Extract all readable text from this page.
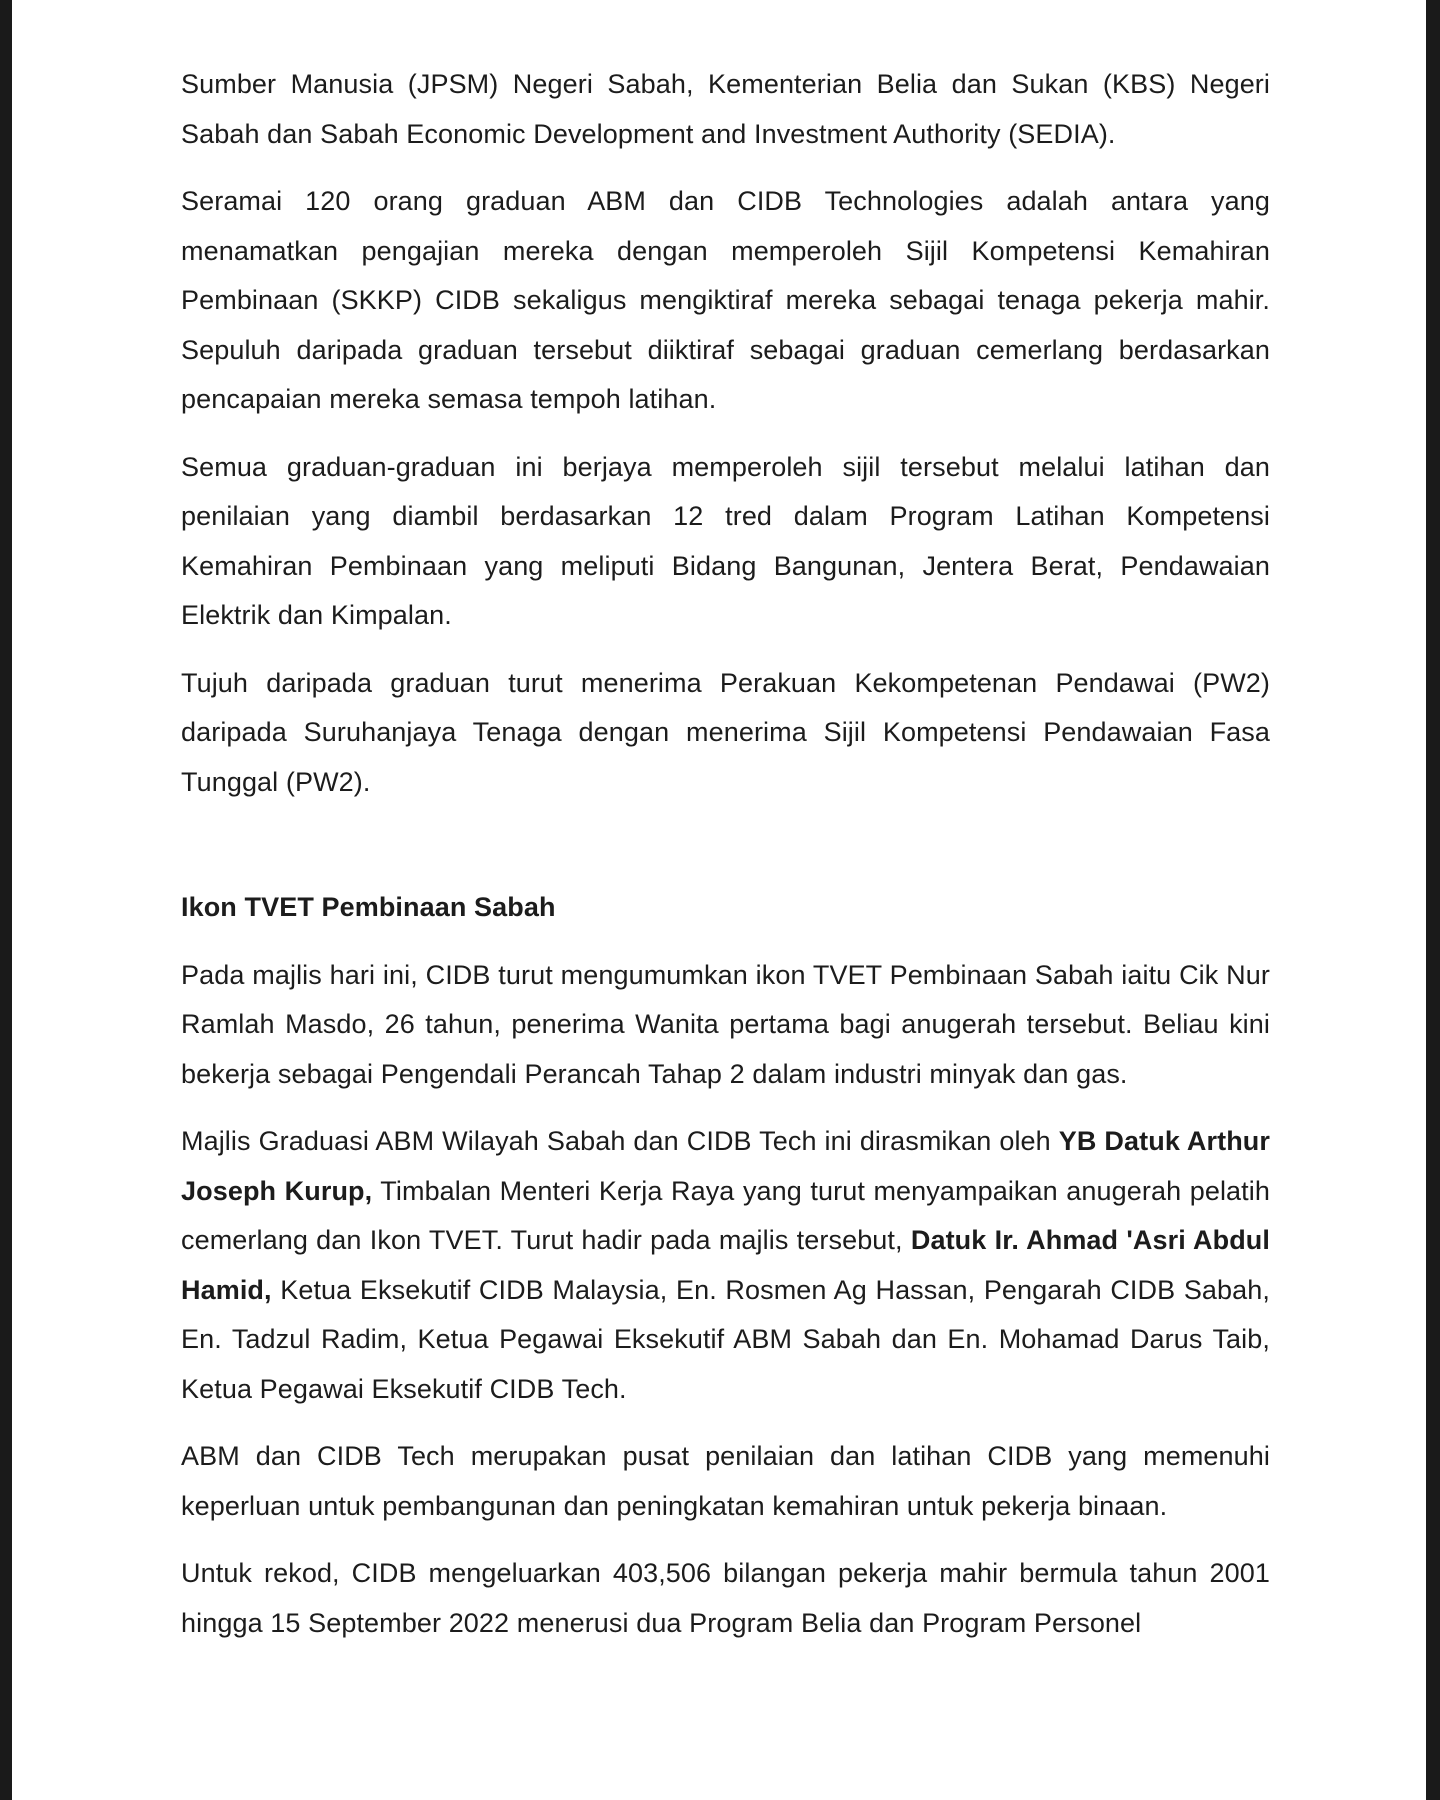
Sumber Manusia (JPSM) Negeri Sabah, Kementerian Belia dan Sukan (KBS) Negeri Sabah dan Sabah Economic Development and Investment Authority (SEDIA).

Seramai 120 orang graduan ABM dan CIDB Technologies adalah antara yang menamatkan pengajian mereka dengan memperoleh Sijil Kompetensi Kemahiran Pembinaan (SKKP) CIDB sekaligus mengiktiraf mereka sebagai tenaga pekerja mahir. Sepuluh daripada graduan tersebut diiktiraf sebagai graduan cemerlang berdasarkan pencapaian mereka semasa tempoh latihan.

Semua graduan-graduan ini berjaya memperoleh sijil tersebut melalui latihan dan penilaian yang diambil berdasarkan 12 tred dalam Program Latihan Kompetensi Kemahiran Pembinaan yang meliputi Bidang Bangunan, Jentera Berat, Pendawaian Elektrik dan Kimpalan.

Tujuh daripada graduan turut menerima Perakuan Kekompetenan Pendawai (PW2) daripada Suruhanjaya Tenaga dengan menerima Sijil Kompetensi Pendawaian Fasa Tunggal (PW2).

Ikon TVET Pembinaan Sabah

Pada majlis hari ini, CIDB turut mengumumkan ikon TVET Pembinaan Sabah iaitu Cik Nur Ramlah Masdo, 26 tahun, penerima Wanita pertama bagi anugerah tersebut. Beliau kini bekerja sebagai Pengendali Perancah Tahap 2 dalam industri minyak dan gas.

Majlis Graduasi ABM Wilayah Sabah dan CIDB Tech ini dirasmikan oleh YB Datuk Arthur Joseph Kurup, Timbalan Menteri Kerja Raya yang turut menyampaikan anugerah pelatih cemerlang dan Ikon TVET. Turut hadir pada majlis tersebut, Datuk Ir. Ahmad 'Asri Abdul Hamid, Ketua Eksekutif CIDB Malaysia, En. Rosmen Ag Hassan, Pengarah CIDB Sabah, En. Tadzul Radim, Ketua Pegawai Eksekutif ABM Sabah dan En. Mohamad Darus Taib, Ketua Pegawai Eksekutif CIDB Tech.

ABM dan CIDB Tech merupakan pusat penilaian dan latihan CIDB yang memenuhi keperluan untuk pembangunan dan peningkatan kemahiran untuk pekerja binaan.

Untuk rekod, CIDB mengeluarkan 403,506 bilangan pekerja mahir bermula tahun 2001 hingga 15 September 2022 menerusi dua Program Belia dan Program Personel
